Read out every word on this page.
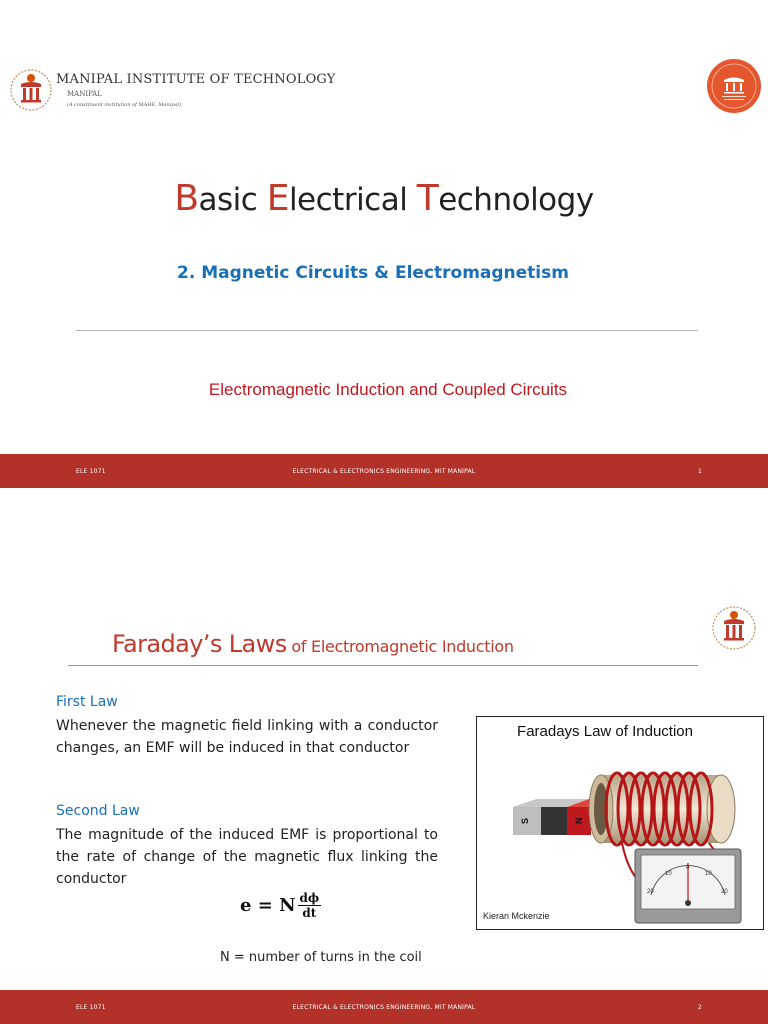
MANIPAL INSTITUTE OF TECHNOLOGY
MANIPAL
(A constituent institution of MAHE, Manipal)
Basic Electrical Technology
2. Magnetic Circuits & Electromagnetism
Electromagnetic Induction and Coupled Circuits
ELE 1071	ELECTRICAL & ELECTRONICS ENGINEERING, MIT MANIPAL	1
Faraday’s Laws of Electromagnetic Induction
First Law
Whenever the magnetic field linking with a conductor changes, an EMF will be induced in that conductor
Second Law
The magnitude of the induced EMF is proportional to the rate of change of the magnetic flux linking the conductor
e = N $\frac{d\phi}{dt}$
N = number of turns in the coil
20
10
0
10
20
S	N
Faradays Law of Induction
Kieran Mckenzie
ELE 1071	ELECTRICAL & ELECTRONICS ENGINEERING, MIT MANIPAL	2
